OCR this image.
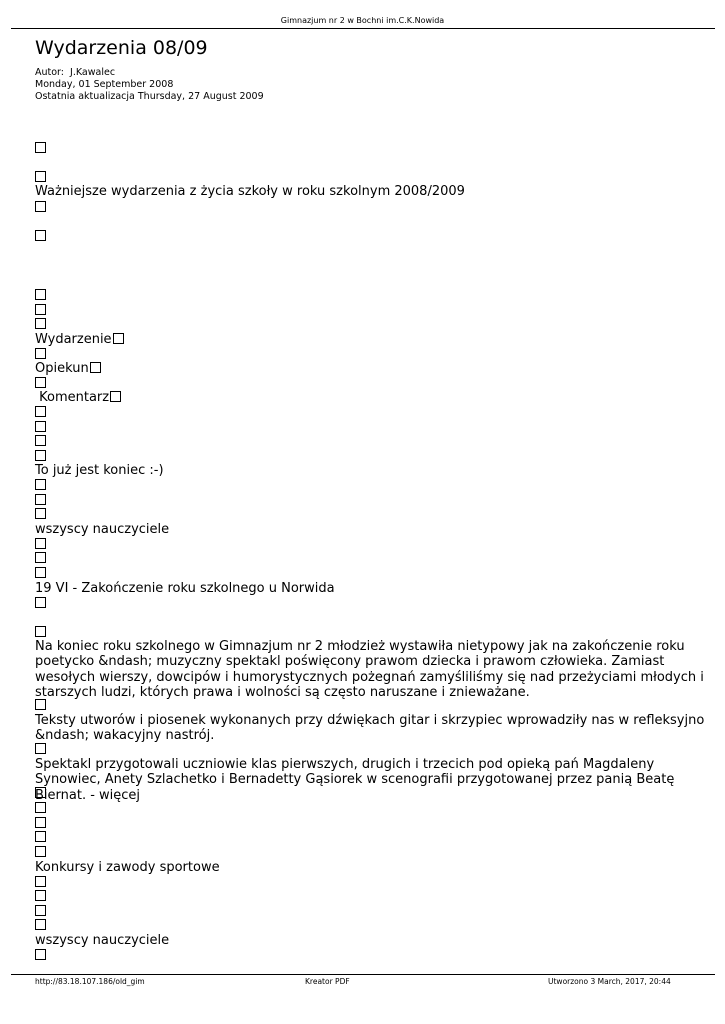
Gimnazjum nr 2 w Bochni im.C.K.Nowida
Wydarzenia 08/09
Autor:  J.Kawalec
Monday, 01 September 2008
Ostatnia aktualizacja Thursday, 27 August 2009
Ważniejsze wydarzenia z życia szkoły w roku szkolnym 2008/2009
Wydarzenie
Opiekun
Komentarz
To już jest koniec :-)
wszyscy nauczyciele
19 VI - Zakończenie roku szkolnego u Norwida
Na koniec roku szkolnego w Gimnazjum nr 2 młodzież wystawiła nietypowy jak na zakończenie roku poetycko &ndash; muzyczny spektakl poświęcony prawom dziecka i prawom człowieka. Zamiast wesołych wierszy, dowcipów i humorystycznych pożegnań zamyśliliśmy się nad przeżyciami młodych i starszych ludzi, których prawa i wolności są często naruszane i znieważane.
Teksty utworów i piosenek wykonanych przy dźwiękach gitar i skrzypiec wprowadziły nas w refleksyjno &ndash; wakacyjny nastrój.
Spektakl przygotowali uczniowie klas pierwszych, drugich i trzecich pod opieką pań Magdaleny Synowiec, Anety Szlachetko i Bernadetty Gąsiorek w scenografii przygotowanej przez panią Beatę Biernat. - więcej
Konkursy i zawody sportowe
wszyscy nauczyciele
http://83.18.107.186/old_gim	Kreator PDF	Utworzono 3 March, 2017, 20:44
